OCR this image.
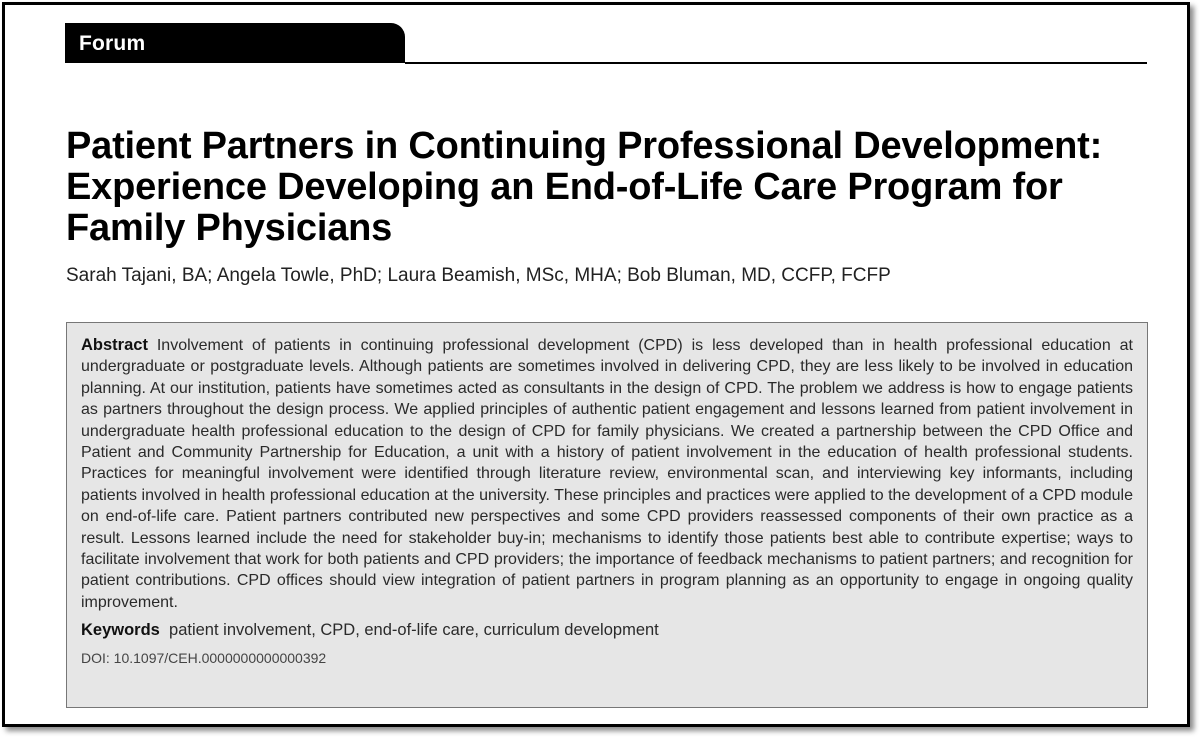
Forum
Patient Partners in Continuing Professional Development: Experience Developing an End-of-Life Care Program for Family Physicians
Sarah Tajani, BA; Angela Towle, PhD; Laura Beamish, MSc, MHA; Bob Bluman, MD, CCFP, FCFP

Abstract Involvement of patients in continuing professional development (CPD) is less developed than in health professional education at undergraduate or postgraduate levels. Although patients are sometimes involved in delivering CPD, they are less likely to be involved in education planning. At our institution, patients have sometimes acted as consultants in the design of CPD. The problem we address is how to engage patients as partners throughout the design process. We applied principles of authentic patient engagement and lessons learned from patient involvement in undergraduate health professional education to the design of CPD for family physicians. We created a partnership between the CPD Office and Patient and Community Partnership for Education, a unit with a history of patient involvement in the education of health professional students. Practices for meaningful involvement were identified through literature review, environmental scan, and interviewing key informants, including patients involved in health professional education at the university. These principles and practices were applied to the development of a CPD module on end-of-life care. Patient partners contributed new perspectives and some CPD providers reassessed components of their own practice as a result. Lessons learned include the need for stakeholder buy-in; mechanisms to identify those patients best able to contribute expertise; ways to facilitate involvement that work for both patients and CPD providers; the importance of feedback mechanisms to patient partners; and recognition for patient contributions. CPD offices should view integration of patient partners in program planning as an opportunity to engage in ongoing quality improvement.

Keywords patient involvement, CPD, end-of-life care, curriculum development
DOI: 10.1097/CEH.0000000000000392
